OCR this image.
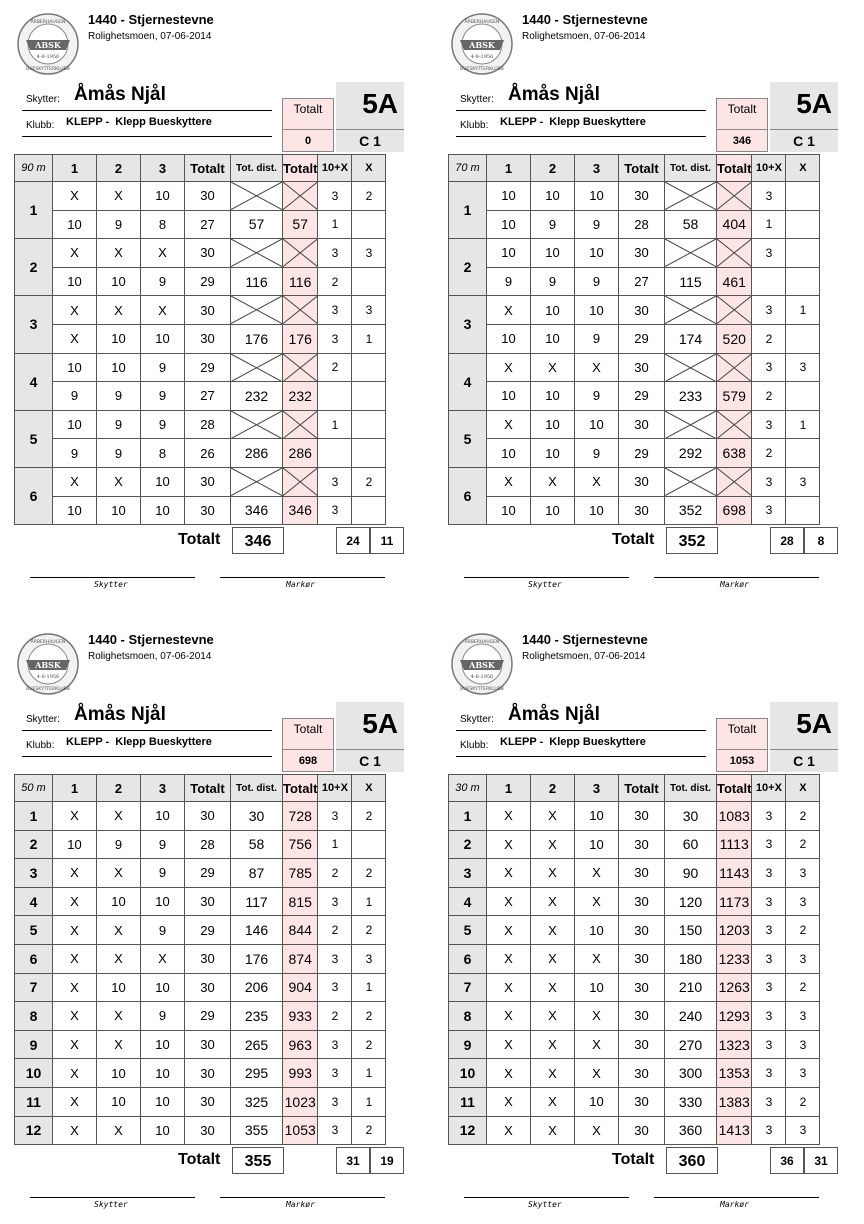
ABSK
4-8-1956
ÅRBERHAUGEN
BUESKYTTERKLUBB
1440 - Stjernestevne
Rolighetsmoen, 07-06-2014
Skytter: Åmås Njål
Klubb: KLEPP -  Klepp Bueskyttere
Totalt
0
5A
C 1
90 m	1	2	3	Totalt	Tot. dist.	Totalt	10+X	X
1	X	X	10	30			3	2
	10	9	8	27	57	57	1	
2	X	X	X	30			3	3
	10	10	9	29	116	116	2	
3	X	X	X	30			3	3
	X	10	10	30	176	176	3	1
4	10	10	9	29			2	
	9	9	9	27	232	232		
5	10	9	9	28			1	
	9	9	8	26	286	286		
6	X	X	10	30			3	2
	10	10	10	30	346	346	3	
Totalt	346	24	11
Skytter	Markør
ABSK
4-8-1956
ÅRBERHAUGEN
BUESKYTTERKLUBB
1440 - Stjernestevne
Rolighetsmoen, 07-06-2014
Skytter: Åmås Njål
Klubb: KLEPP -  Klepp Bueskyttere
Totalt
346
5A
C 1
70 m	1	2	3	Totalt	Tot. dist.	Totalt	10+X	X
1	10	10	10	30			3	
	10	9	9	28	58	404	1	
2	10	10	10	30			3	
	9	9	9	27	115	461		
3	X	10	10	30			3	1
	10	10	9	29	174	520	2	
4	X	X	X	30			3	3
	10	10	9	29	233	579	2	
5	X	10	10	30			3	1
	10	10	9	29	292	638	2	
6	X	X	X	30			3	3
	10	10	10	30	352	698	3	
Totalt	352	28	8
Skytter	Markør
ABSK
4-8-1956
ÅRBERHAUGEN
BUESKYTTERKLUBB
1440 - Stjernestevne
Rolighetsmoen, 07-06-2014
Skytter: Åmås Njål
Klubb: KLEPP -  Klepp Bueskyttere
Totalt
698
5A
C 1
50 m	1	2	3	Totalt	Tot. dist.	Totalt	10+X	X
1	X	X	10	30	30	728	3	2
2	10	9	9	28	58	756	1	
3	X	X	9	29	87	785	2	2
4	X	10	10	30	117	815	3	1
5	X	X	9	29	146	844	2	2
6	X	X	X	30	176	874	3	3
7	X	10	10	30	206	904	3	1
8	X	X	9	29	235	933	2	2
9	X	X	10	30	265	963	3	2
10	X	10	10	30	295	993	3	1
11	X	10	10	30	325	1023	3	1
12	X	X	10	30	355	1053	3	2
Totalt	355	31	19
Skytter	Markør
ABSK
4-8-1956
ÅRBERHAUGEN
BUESKYTTERKLUBB
1440 - Stjernestevne
Rolighetsmoen, 07-06-2014
Skytter: Åmås Njål
Klubb: KLEPP -  Klepp Bueskyttere
Totalt
1053
5A
C 1
30 m	1	2	3	Totalt	Tot. dist.	Totalt	10+X	X
1	X	X	10	30	30	1083	3	2
2	X	X	10	30	60	1113	3	2
3	X	X	X	30	90	1143	3	3
4	X	X	X	30	120	1173	3	3
5	X	X	10	30	150	1203	3	2
6	X	X	X	30	180	1233	3	3
7	X	X	10	30	210	1263	3	2
8	X	X	X	30	240	1293	3	3
9	X	X	X	30	270	1323	3	3
10	X	X	X	30	300	1353	3	3
11	X	X	10	30	330	1383	3	2
12	X	X	X	30	360	1413	3	3
Totalt	360	36	31
Skytter	Markør
